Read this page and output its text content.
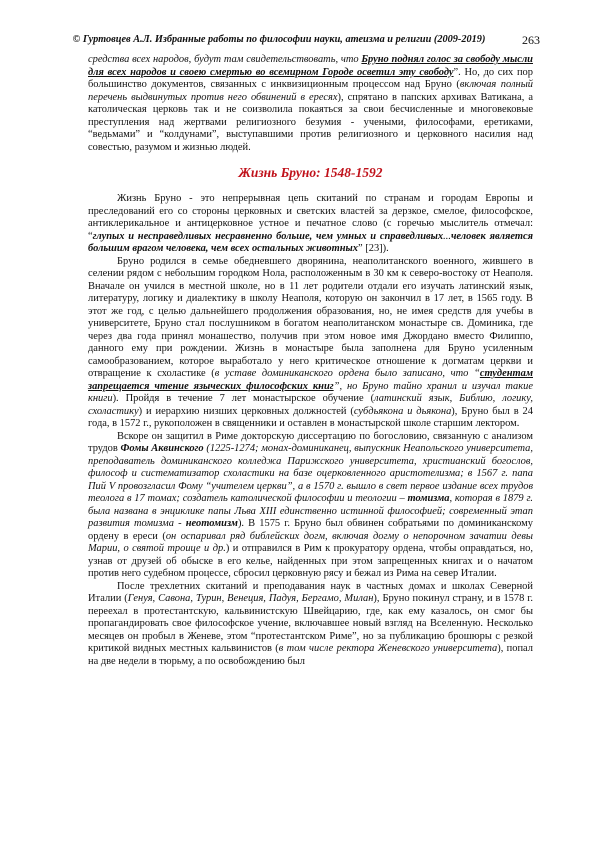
© Гуртовцев А.Л. Избранные работы по философии науки, атеизма и религии (2009-2019)	263

средства всех народов, будут там свидетельствовать, что Бруно поднял голос за свободу мысли для всех народов и своею смертью во всемирном Городе осветил эту свободу”. Но, до сих пор большинство документов, связанных с инквизиционным процессом над Бруно (включая полный перечень выдвинутых против него обвинений в ересях), спрятано в папских архивах Ватикана, а католическая церковь так и не соизволила покаяться за свои бесчисленные и многовековые преступления над жертвами религиозного безумия - учеными, философами, еретиками, “ведьмами” и “колдунами”, выступавшими против религиозного и церковного насилия над совестью, разумом и жизнью людей.

Жизнь Бруно: 1548-1592

Жизнь Бруно - это непрерывная цепь скитаний по странам и городам Европы и преследований его со стороны церковных и светских властей за дерзкое, смелое, философское, антиклерикальное и антицерковное устное и печатное слово (с горечью мыслитель отмечал: “глупых и несправедливых несравненно больше, чем умных и справедливых...человек является большим врагом человека, чем всех остальных животных” [23]).

Бруно родился в семье обедневшего дворянина, неаполитанского военного, жившего в селении рядом с небольшим городком Нола, расположенным в 30 км к северо-востоку от Неаполя. Вначале он учился в местной школе, но в 11 лет родители отдали его изучать латинский язык, литературу, логику и диалектику в школу Неаполя, которую он закончил в 17 лет, в 1565 году. В этот же год, с целью дальнейшего продолжения образования, но, не имея средств для учебы в университете, Бруно стал послушником в богатом неаполитанском монастыре св. Доминика, где через два года принял монашество, получив при этом новое имя Джордано вместо Филиппо, данного ему при рождении. Жизнь в монастыре была заполнена для Бруно усиленным самообразованием, которое выработало у него критическое отношение к догматам церкви и отвращение к схоластике (в уставе доминиканского ордена было записано, что “студентам запрещается чтение языческих философских книг”, но Бруно тайно хранил и изучал такие книги). Пройдя в течение 7 лет монастырское обучение (латинский язык, Библию, логику, схоластику) и иерархию низших церковных должностей (субдьякона и дьякона), Бруно был в 24 года, в 1572 г., рукоположен в священники и оставлен в монастырской школе старшим лектором.

Вскоре он защитил в Риме докторскую диссертацию по богословию, связанную с анализом трудов Фомы Аквинского (1225-1274; монах-доминиканец, выпускник Неапольского университета, преподаватель доминиканского колледжа Парижского университета, христианский богослов, философ и систематизатор схоластики на базе оцерковленного аристотелизма; в 1567 г. папа Пий V провозгласил Фому “учителем церкви”, а в 1570 г. вышло в свет первое издание всех трудов теолога в 17 томах; создатель католической философии и теологии – томизма, которая в 1879 г. была названа в энциклике папы Льва XIII единственно истинной философией; современный этап развития томизма - неотомизм). В 1575 г. Бруно был обвинен собратьями по доминиканскому ордену в ереси (он оспаривал ряд библейских догм, включая догму о непорочном зачатии девы Марии, о святой троице и др.) и отправился в Рим к прокуратору ордена, чтобы оправдаться, но, узнав от друзей об обыске в его келье, найденных при этом запрещенных книгах и о начатом против него судебном процессе, сбросил церковную рясу и бежал из Рима на север Италии.

После трехлетних скитаний и преподавания наук в частных домах и школах Северной Италии (Генуя, Савона, Турин, Венеция, Падуя, Бергамо, Милан), Бруно покинул страну, и в 1578 г. переехал в протестантскую, кальвинистскую Швейцарию, где, как ему казалось, он смог бы пропагандировать свое философское учение, включавшее новый взгляд на Вселенную. Несколько месяцев он пробыл в Женеве, этом “протестантском Риме”, но за публикацию брошюры с резкой критикой видных местных кальвинистов (в том числе ректора Женевского университета), попал на две недели в тюрьму, а по освобождению был
